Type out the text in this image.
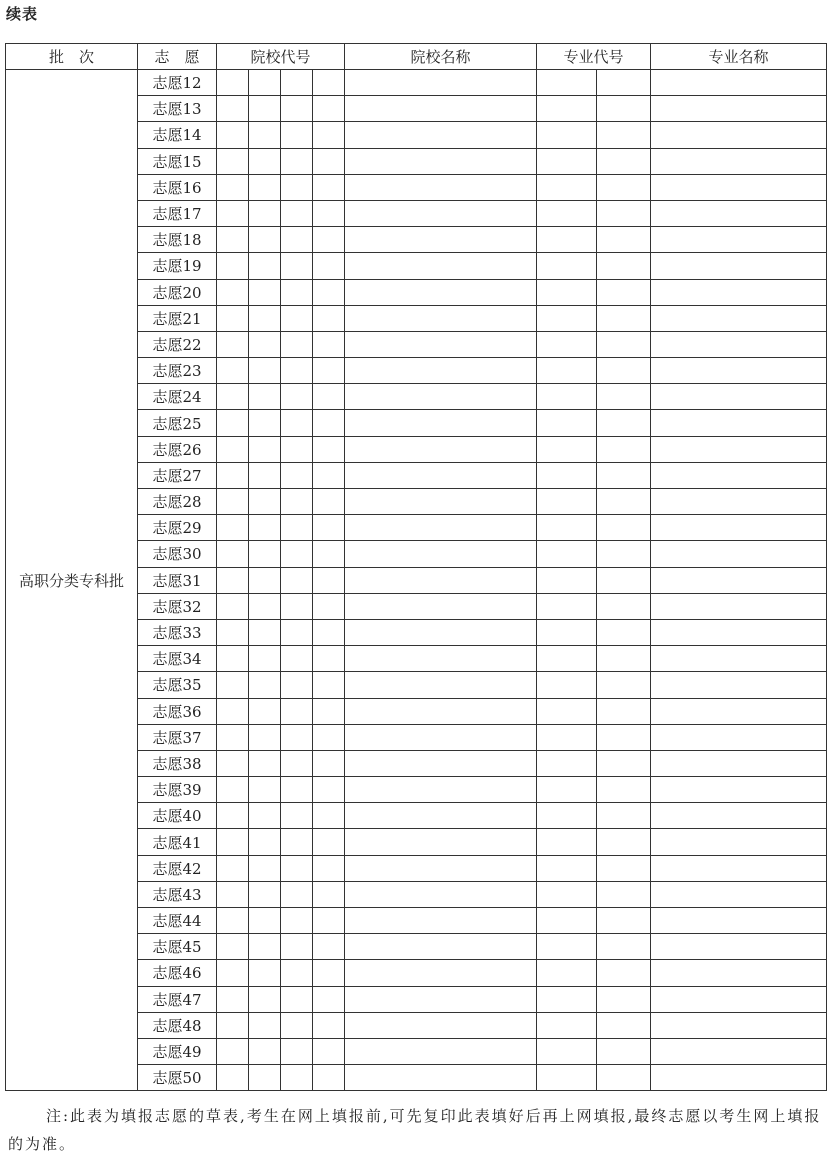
续表
批　次	志　愿	院校代号				院校名称	专业代号		专业名称
高职分类专科批	志愿12								
	志愿13								
	志愿14								
	志愿15								
	志愿16								
	志愿17								
	志愿18								
	志愿19								
	志愿20								
	志愿21								
	志愿22								
	志愿23								
	志愿24								
	志愿25								
	志愿26								
	志愿27								
	志愿28								
	志愿29								
	志愿30								
	志愿31								
	志愿32								
	志愿33								
	志愿34								
	志愿35								
	志愿36								
	志愿37								
	志愿38								
	志愿39								
	志愿40								
	志愿41								
	志愿42								
	志愿43								
	志愿44								
	志愿45								
	志愿46								
	志愿47								
	志愿48								
	志愿49								
	志愿50								
注:此表为填报志愿的草表,考生在网上填报前,可先复印此表填好后再上网填报,最终志愿以考生网上填报的为准。
